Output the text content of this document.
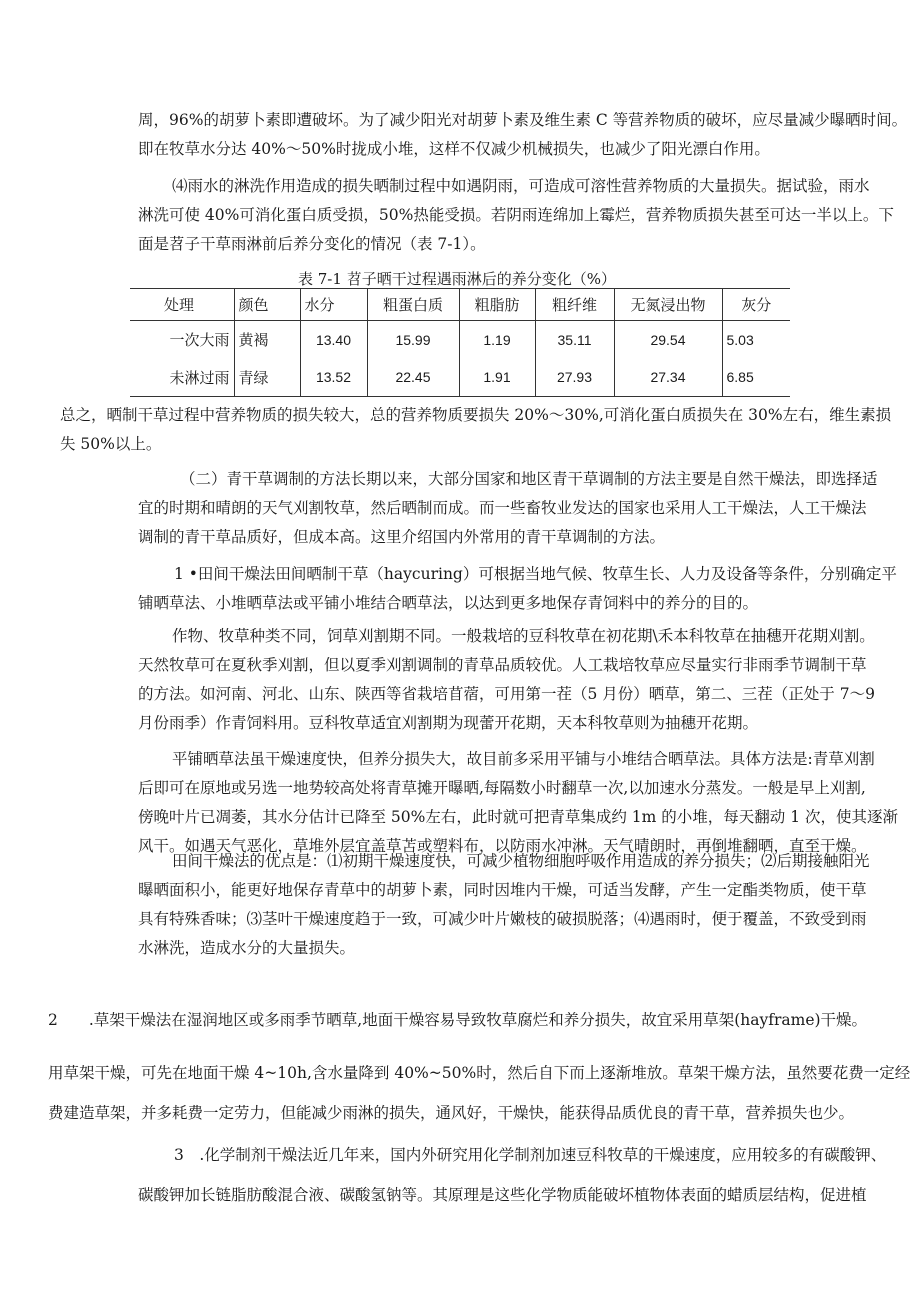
周，96%的胡萝卜素即遭破坏。为了减少阳光对胡萝卜素及维生素 C 等营养物质的破坏，应尽量减少曝晒时间。
即在牧草水分达 40%～50%时拢成小堆，这样不仅减少机械损失，也减少了阳光漂白作用。
⑷雨水的淋洗作用造成的损失晒制过程中如遇阴雨，可造成可溶性营养物质的大量损失。据试验，雨水
淋洗可使 40%可消化蛋白质受损，50%热能受损。若阴雨连绵加上霉烂，营养物质损失甚至可达一半以上。下
面是苕子干草雨淋前后养分变化的情况（表 7-1）。
表 7-1 苕子晒干过程遇雨淋后的养分变化（%）
处理	颜色	水分	粗蛋白质	粗脂肪	粗纤维	无氮浸出物	灰分
一次大雨	黄褐	13.40	15.99	1.19	35.11	29.54	5.03
未淋过雨	青绿	13.52	22.45	1.91	27.93	27.34	6.85
总之，晒制干草过程中营养物质的损失较大，总的营养物质要损失 20%～30%,可消化蛋白质损失在 30%左右，维生素损
失 50%以上。
（二）青干草调制的方法长期以来，大部分国家和地区青干草调制的方法主要是自然干燥法，即选择适
宜的时期和晴朗的天气刈割牧草，然后晒制而成。而一些畜牧业发达的国家也采用人工干燥法，人工干燥法
调制的青干草品质好，但成本高。这里介绍国内外常用的青干草调制的方法。
1 •田间干燥法田间晒制干草（haycuring）可根据当地气候、牧草生长、人力及设备等条件，分别确定平
铺晒草法、小堆晒草法或平铺小堆结合晒草法，以达到更多地保存青饲料中的养分的目的。
作物、牧草种类不同，饲草刈割期不同。一般栽培的豆科牧草在初花期\禾本科牧草在抽穗开花期刈割。
天然牧草可在夏秋季刈割，但以夏季刈割调制的青草品质较优。人工栽培牧草应尽量实行非雨季节调制干草
的方法。如河南、河北、山东、陕西等省栽培苜蓿，可用第一茬（5 月份）晒草，第二、三茬（正处于 7～9
月份雨季）作青饲料用。豆科牧草适宜刈割期为现蕾开花期，天本科牧草则为抽穗开花期。
平铺晒草法虽干燥速度快，但养分损失大，故目前多采用平铺与小堆结合晒草法。具体方法是:青草刈割
后即可在原地或另选一地势较高处将青草摊开曝晒,每隔数小时翻草一次,以加速水分蒸发。一般是早上刈割,
傍晚叶片已凋萎，其水分估计已降至 50%左右，此时就可把青草集成约 1m 的小堆，每天翻动 1 次，使其逐渐
风干。如遇天气恶化，草堆外层宜盖草苫或塑料布，以防雨水冲淋。天气晴朗时，再倒堆翻晒，直至干燥。
田间干燥法的优点是：⑴初期干燥速度快，可减少植物细胞呼吸作用造成的养分损失；⑵后期接触阳光
曝晒面积小，能更好地保存青草中的胡萝卜素，同时因堆内干燥，可适当发酵，产生一定酯类物质，使干草
具有特殊香味；⑶茎叶干燥速度趋于一致，可减少叶片嫩枝的破损脱落；⑷遇雨时，便于覆盖，不致受到雨
水淋洗，造成水分的大量损失。
2　　.草架干燥法在湿润地区或多雨季节晒草,地面干燥容易导致牧草腐烂和养分损失，故宜采用草架(hayframe)干燥。
用草架干燥，可先在地面干燥 4~10h,含水量降到 40%~50%时，然后自下而上逐渐堆放。草架干燥方法，虽然要花费一定经
费建造草架，并多耗费一定劳力，但能减少雨淋的损失，通风好，干燥快，能获得品质优良的青干草，营养损失也少。
3　.化学制剂干燥法近几年来，国内外研究用化学制剂加速豆科牧草的干燥速度，应用较多的有碳酸钾、
碳酸钾加长链脂肪酸混合液、碳酸氢钠等。其原理是这些化学物质能破坏植物体表面的蜡质层结构，促进植
